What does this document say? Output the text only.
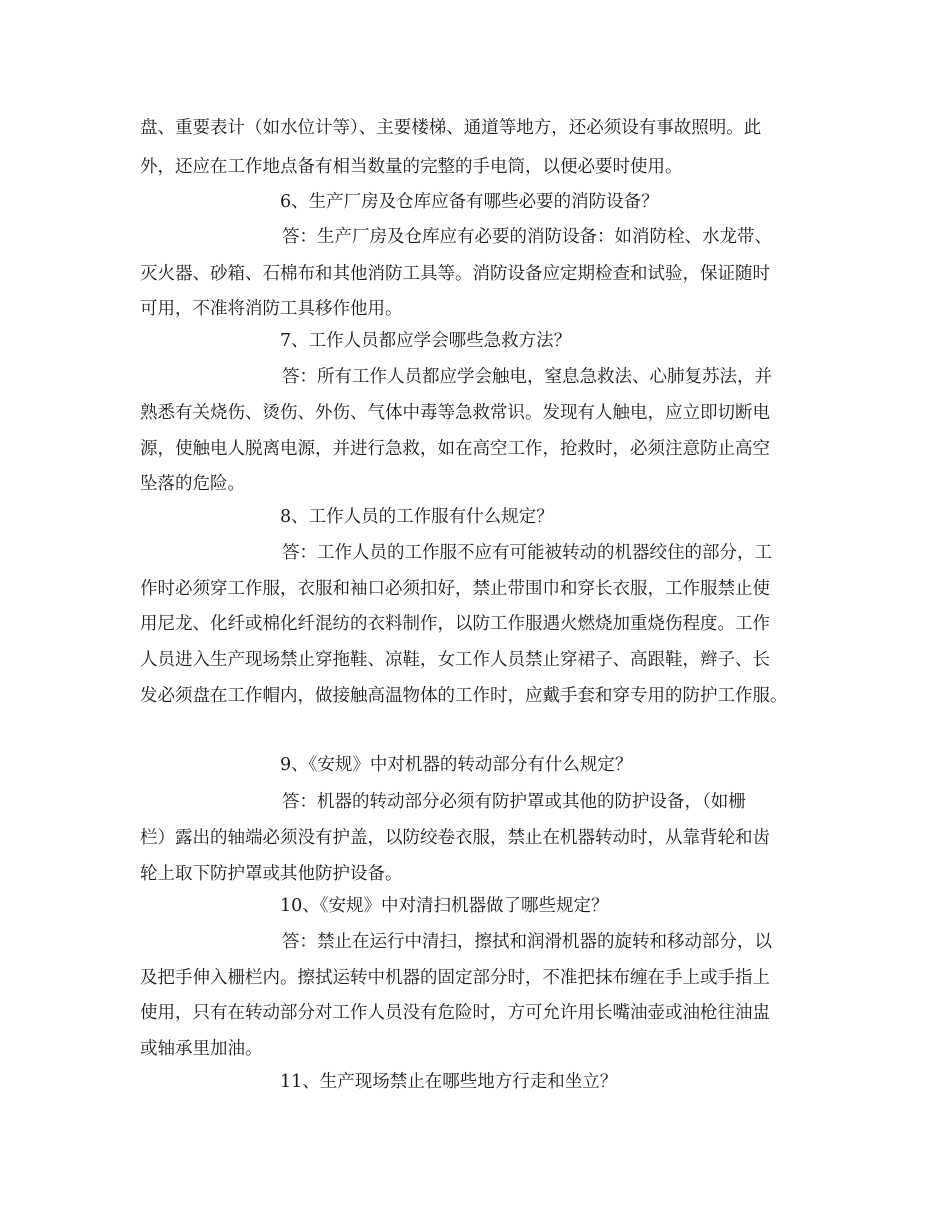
盘、重要表计（如水位计等）、主要楼梯、通道等地方，还必须设有事故照明。此
外，还应在工作地点备有相当数量的完整的手电筒，以便必要时使用。
6、生产厂房及仓库应备有哪些必要的消防设备？
答：生产厂房及仓库应有必要的消防设备：如消防栓、水龙带、
灭火器、砂箱、石棉布和其他消防工具等。消防设备应定期检查和试验，保证随时
可用，不准将消防工具移作他用。
7、工作人员都应学会哪些急救方法？
答：所有工作人员都应学会触电，窒息急救法、心肺复苏法，并
熟悉有关烧伤、烫伤、外伤、气体中毒等急救常识。发现有人触电，应立即切断电
源，使触电人脱离电源，并进行急救，如在高空工作，抢救时，必须注意防止高空
坠落的危险。
8、工作人员的工作服有什么规定？
答：工作人员的工作服不应有可能被转动的机器绞住的部分，工
作时必须穿工作服，衣服和袖口必须扣好，禁止带围巾和穿长衣服，工作服禁止使
用尼龙、化纤或棉化纤混纺的衣料制作，以防工作服遇火燃烧加重烧伤程度。工作
人员进入生产现场禁止穿拖鞋、凉鞋，女工作人员禁止穿裙子、高跟鞋，辫子、长
发必须盘在工作帽内，做接触高温物体的工作时，应戴手套和穿专用的防护工作服。
9、《安规》中对机器的转动部分有什么规定？
答：机器的转动部分必须有防护罩或其他的防护设备，（如栅
栏）露出的轴端必须没有护盖，以防绞卷衣服，禁止在机器转动时，从靠背轮和齿
轮上取下防护罩或其他防护设备。
10、《安规》中对清扫机器做了哪些规定？
答：禁止在运行中清扫，擦拭和润滑机器的旋转和移动部分，以
及把手伸入栅栏内。擦拭运转中机器的固定部分时，不准把抹布缠在手上或手指上
使用，只有在转动部分对工作人员没有危险时，方可允许用长嘴油壶或油枪往油盅
或轴承里加油。
11、生产现场禁止在哪些地方行走和坐立？
